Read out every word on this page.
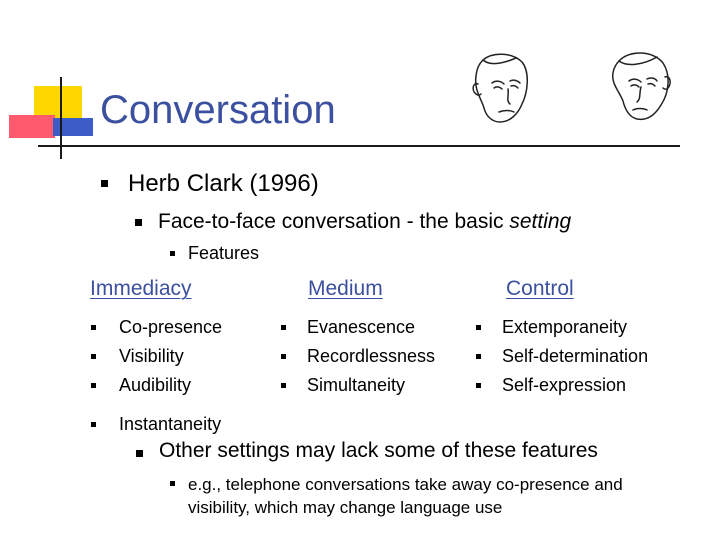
Conversation
Herb Clark (1996)
Face-to-face conversation - the basic setting
Features
Immediacy	Medium	Control
Co-presence
Visibility
Audibility
Instantaneity
Evanescence
Recordlessness
Simultaneity
Extemporaneity
Self-determination
Self-expression
Other settings may lack some of these features
e.g., telephone conversations take away co-presence and
visibility, which may change language use
